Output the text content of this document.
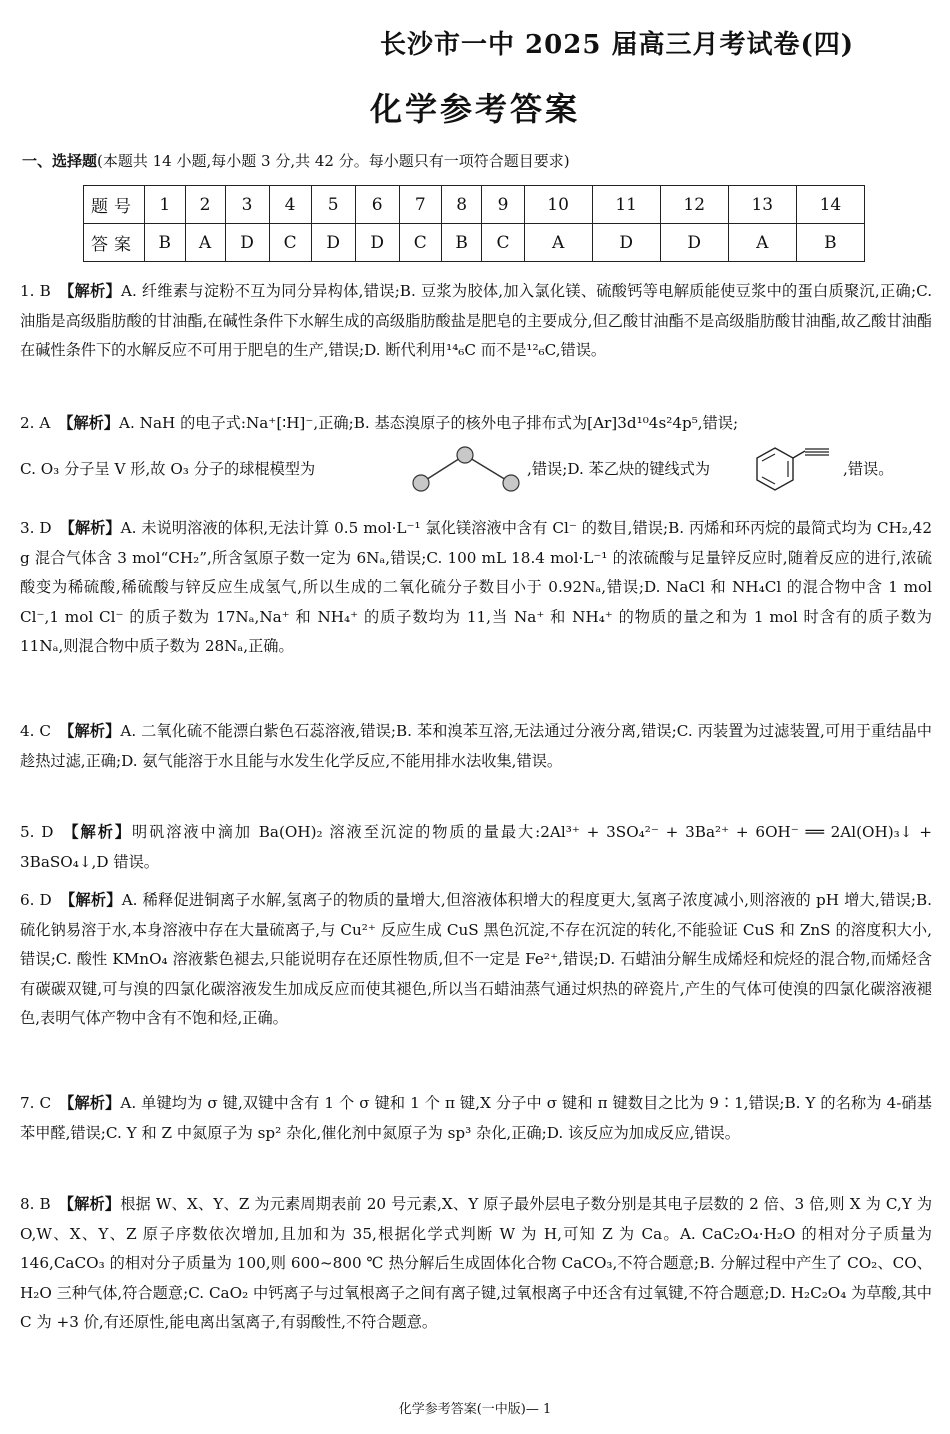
长沙市一中 2025 届高三月考试卷(四)
化学参考答案
一、选择题(本题共 14 小题,每小题 3 分,共 42 分。每小题只有一项符合题目要求)
题号	1	2	3	4	5	6	7	8	9	10	11	12	13	14
答案	B	A	D	C	D	D	C	B	C	A	D	D	A	B
1. B 【解析】A. 纤维素与淀粉不互为同分异构体,错误;B. 豆浆为胶体,加入氯化镁、硫酸钙等电解质能使豆浆中的蛋白质聚沉,正确;C. 油脂是高级脂肪酸的甘油酯,在碱性条件下水解生成的高级脂肪酸盐是肥皂的主要成分,但乙酸甘油酯不是高级脂肪酸甘油酯,故乙酸甘油酯在碱性条件下的水解反应不可用于肥皂的生产,错误;D. 断代利用¹⁴₆C 而不是¹²₆C,错误。
2. A 【解析】A. NaH 的电子式:Na⁺[∶H]⁻,正确;B. 基态溴原子的核外电子排布式为[Ar]3d¹⁰4s²4p⁵,错误;
C. O₃ 分子呈 V 形,故 O₃ 分子的球棍模型为	,错误;D. 苯乙炔的键线式为	,错误。
3. D 【解析】A. 未说明溶液的体积,无法计算 0.5 mol·L⁻¹ 氯化镁溶液中含有 Cl⁻ 的数目,错误;B. 丙烯和环丙烷的最简式均为 CH₂,42 g 混合气体含 3 mol“CH₂”,所含氢原子数一定为 6Nₐ,错误;C. 100 mL 18.4 mol·L⁻¹ 的浓硫酸与足量锌反应时,随着反应的进行,浓硫酸变为稀硫酸,稀硫酸与锌反应生成氢气,所以生成的二氧化硫分子数目小于 0.92Nₐ,错误;D. NaCl 和 NH₄Cl 的混合物中含 1 mol Cl⁻,1 mol Cl⁻ 的质子数为 17Nₐ,Na⁺ 和 NH₄⁺ 的质子数均为 11,当 Na⁺ 和 NH₄⁺ 的物质的量之和为 1 mol 时含有的质子数为 11Nₐ,则混合物中质子数为 28Nₐ,正确。
4. C 【解析】A. 二氧化硫不能漂白紫色石蕊溶液,错误;B. 苯和溴苯互溶,无法通过分液分离,错误;C. 丙装置为过滤装置,可用于重结晶中趁热过滤,正确;D. 氨气能溶于水且能与水发生化学反应,不能用排水法收集,错误。
5. D 【解析】明矾溶液中滴加 Ba(OH)₂ 溶液至沉淀的物质的量最大:2Al³⁺ + 3SO₄²⁻ + 3Ba²⁺ + 6OH⁻ ══ 2Al(OH)₃↓ + 3BaSO₄↓,D 错误。
6. D 【解析】A. 稀释促进铜离子水解,氢离子的物质的量增大,但溶液体积增大的程度更大,氢离子浓度减小,则溶液的 pH 增大,错误;B. 硫化钠易溶于水,本身溶液中存在大量硫离子,与 Cu²⁺ 反应生成 CuS 黑色沉淀,不存在沉淀的转化,不能验证 CuS 和 ZnS 的溶度积大小,错误;C. 酸性 KMnO₄ 溶液紫色褪去,只能说明存在还原性物质,但不一定是 Fe²⁺,错误;D. 石蜡油分解生成烯烃和烷烃的混合物,而烯烃含有碳碳双键,可与溴的四氯化碳溶液发生加成反应而使其褪色,所以当石蜡油蒸气通过炽热的碎瓷片,产生的气体可使溴的四氯化碳溶液褪色,表明气体产物中含有不饱和烃,正确。
7. C 【解析】A. 单键均为 σ 键,双键中含有 1 个 σ 键和 1 个 π 键,X 分子中 σ 键和 π 键数目之比为 9∶1,错误;B. Y 的名称为 4-硝基苯甲醛,错误;C. Y 和 Z 中氮原子为 sp² 杂化,催化剂中氮原子为 sp³ 杂化,正确;D. 该反应为加成反应,错误。
8. B 【解析】根据 W、X、Y、Z 为元素周期表前 20 号元素,X、Y 原子最外层电子数分别是其电子层数的 2 倍、3 倍,则 X 为 C,Y 为 O,W、X、Y、Z 原子序数依次增加,且加和为 35,根据化学式判断 W 为 H,可知 Z 为 Ca。A. CaC₂O₄·H₂O 的相对分子质量为 146,CaCO₃ 的相对分子质量为 100,则 600~800 ℃ 热分解后生成固体化合物 CaCO₃,不符合题意;B. 分解过程中产生了 CO₂、CO、H₂O 三种气体,符合题意;C. CaO₂ 中钙离子与过氧根离子之间有离子键,过氧根离子中还含有过氧键,不符合题意;D. H₂C₂O₄ 为草酸,其中 C 为 +3 价,有还原性,能电离出氢离子,有弱酸性,不符合题意。
化学参考答案(一中版)— 1
